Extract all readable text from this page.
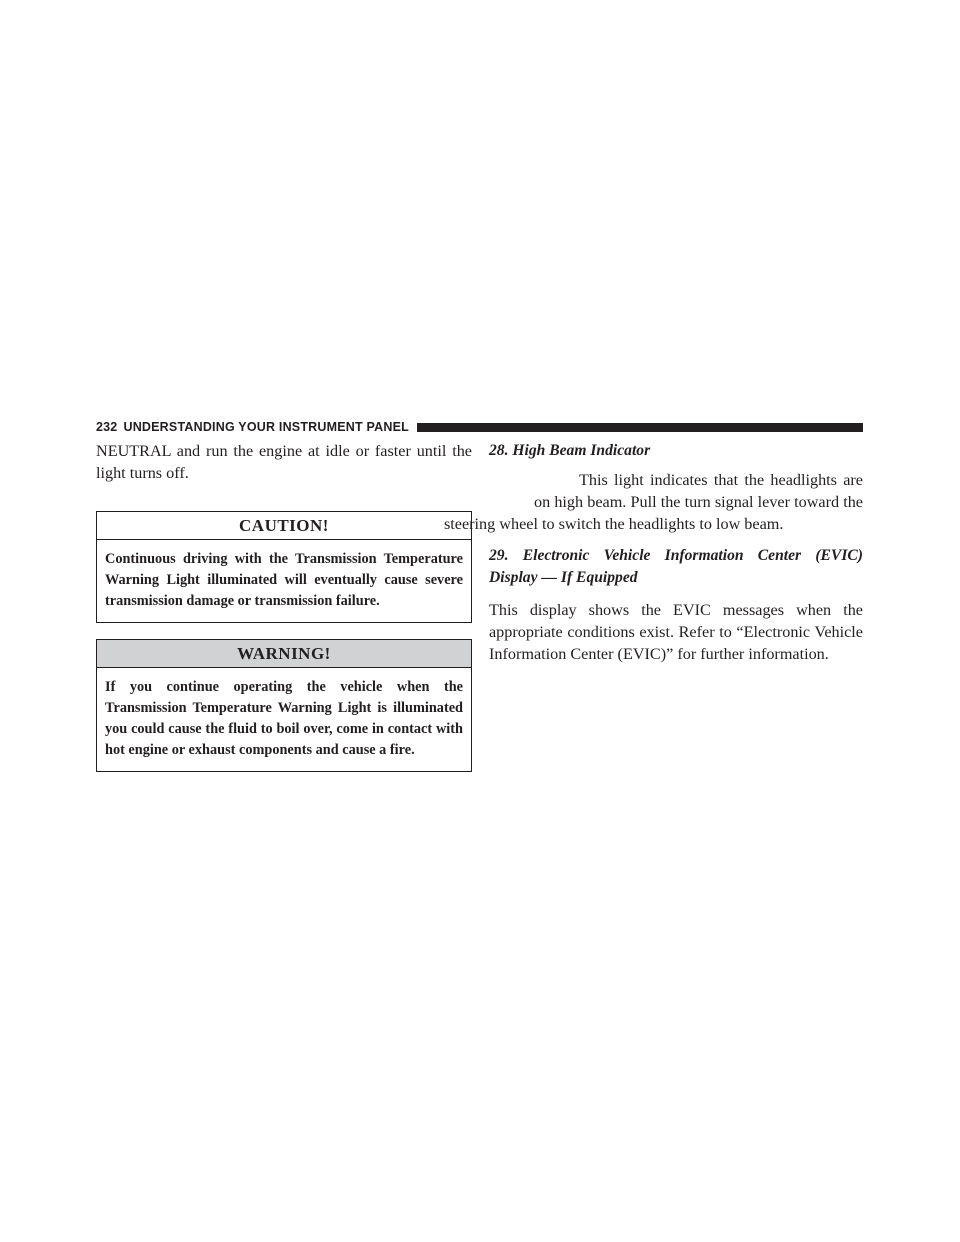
232 UNDERSTANDING YOUR INSTRUMENT PANEL

NEUTRAL and run the engine at idle or faster until the light turns off.

CAUTION!
Continuous driving with the Transmission Temperature Warning Light illuminated will eventually cause severe transmission damage or transmission failure.
WARNING!
If you continue operating the vehicle when the Transmission Temperature Warning Light is illuminated you could cause the fluid to boil over, come in contact with hot engine or exhaust components and cause a fire.

28. High Beam Indicator

This light indicates that the headlights are on high beam. Pull the turn signal lever toward the steering wheel to switch the headlights to low beam.

29. Electronic Vehicle Information Center (EVIC) Display — If Equipped

This display shows the EVIC messages when the appropriate conditions exist. Refer to “Electronic Vehicle Information Center (EVIC)” for further information.
